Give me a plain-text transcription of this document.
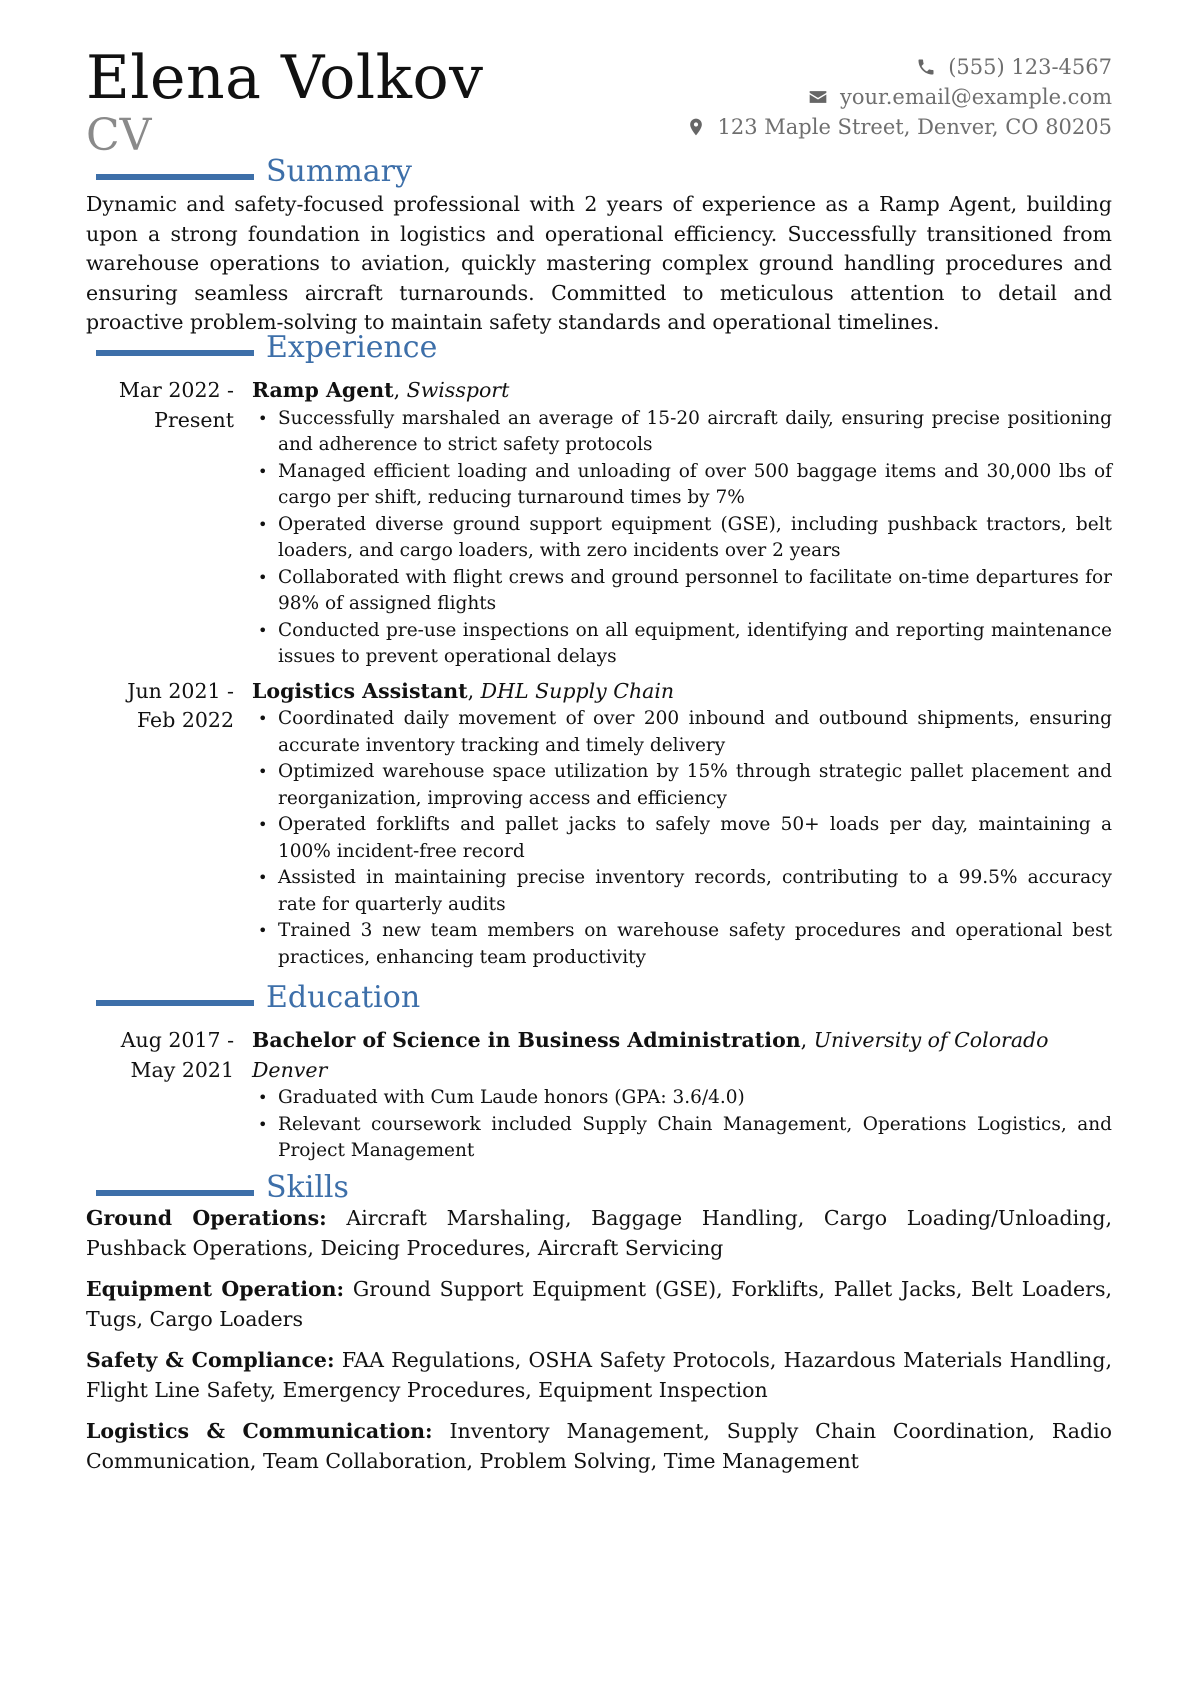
Elena Volkov
CV
(555) 123-4567
your.email@example.com
123 Maple Street, Denver, CO 80205
Summary
Dynamic and safety-focused professional with 2 years of experience as a Ramp Agent, building upon a strong foundation in logistics and operational efficiency. Successfully transitioned from warehouse operations to aviation, quickly mastering complex ground handling procedures and ensuring seamless aircraft turnarounds. Committed to meticulous attention to detail and proactive problem-solving to maintain safety standards and operational timelines.
Experience
Mar 2022 - Present
Ramp Agent, Swissport
• Successfully marshaled an average of 15-20 aircraft daily, ensuring precise positioning and adherence to strict safety protocols
• Managed efficient loading and unloading of over 500 baggage items and 30,000 lbs of cargo per shift, reducing turnaround times by 7%
• Operated diverse ground support equipment (GSE), including pushback tractors, belt loaders, and cargo loaders, with zero incidents over 2 years
• Collaborated with flight crews and ground personnel to facilitate on-time departures for 98% of assigned flights
• Conducted pre-use inspections on all equipment, identifying and reporting maintenance issues to prevent operational delays
Jun 2021 - Feb 2022
Logistics Assistant, DHL Supply Chain
• Coordinated daily movement of over 200 inbound and outbound shipments, ensuring accurate inventory tracking and timely delivery
• Optimized warehouse space utilization by 15% through strategic pallet placement and reorganization, improving access and efficiency
• Operated forklifts and pallet jacks to safely move 50+ loads per day, maintaining a 100% incident-free record
• Assisted in maintaining precise inventory records, contributing to a 99.5% accuracy rate for quarterly audits
• Trained 3 new team members on warehouse safety procedures and operational best practices, enhancing team productivity
Education
Aug 2017 - May 2021
Bachelor of Science in Business Administration, University of Colorado Denver
• Graduated with Cum Laude honors (GPA: 3.6/4.0)
• Relevant coursework included Supply Chain Management, Operations Logistics, and Project Management
Skills
Ground Operations: Aircraft Marshaling, Baggage Handling, Cargo Loading/Unloading, Pushback Operations, Deicing Procedures, Aircraft Servicing
Equipment Operation: Ground Support Equipment (GSE), Forklifts, Pallet Jacks, Belt Loaders, Tugs, Cargo Loaders
Safety & Compliance: FAA Regulations, OSHA Safety Protocols, Hazardous Materials Handling, Flight Line Safety, Emergency Procedures, Equipment Inspection
Logistics & Communication: Inventory Management, Supply Chain Coordination, Radio Communication, Team Collaboration, Problem Solving, Time Management
